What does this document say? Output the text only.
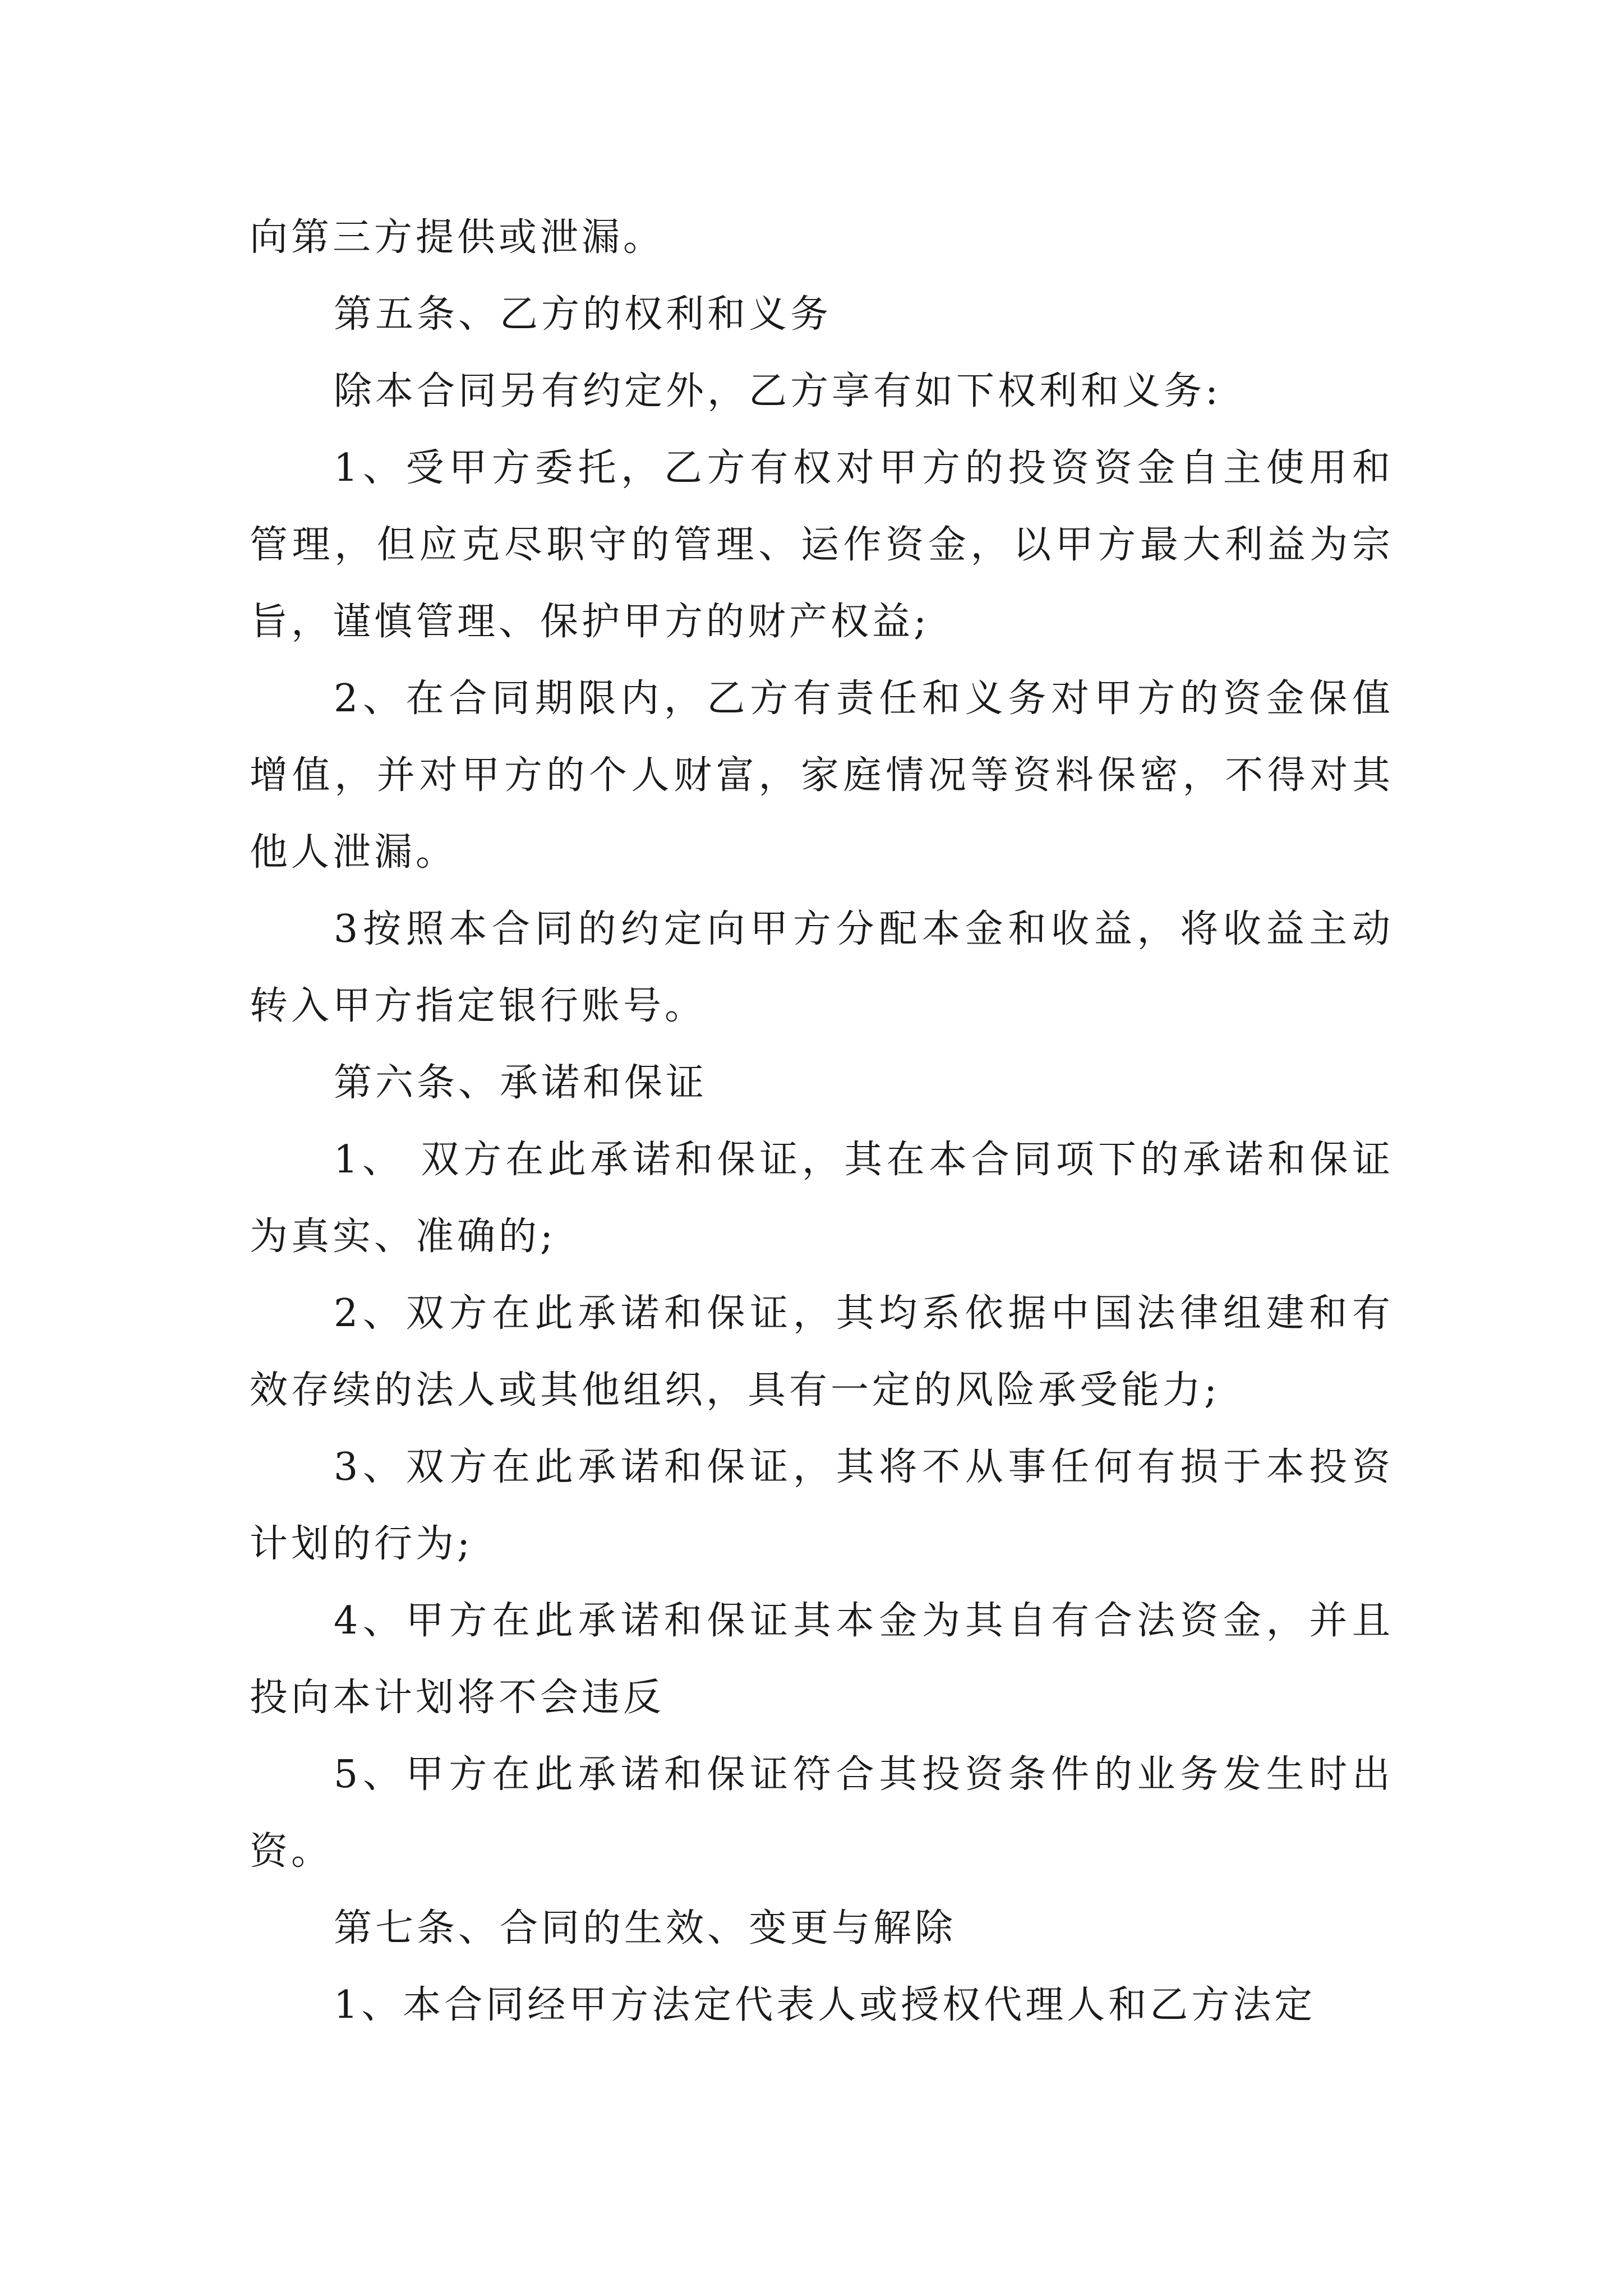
向第三方提供或泄漏。

第五条、乙方的权利和义务

除本合同另有约定外，乙方享有如下权利和义务:

1、受甲方委托，乙方有权对甲方的投资资金自主使用和管理，但应克尽职守的管理、运作资金，以甲方最大利益为宗旨，谨慎管理、保护甲方的财产权益;

2、在合同期限内，乙方有责任和义务对甲方的资金保值增值，并对甲方的个人财富，家庭情况等资料保密，不得对其他人泄漏。

3按照本合同的约定向甲方分配本金和收益，将收益主动转入甲方指定银行账号。

第六条、承诺和保证

1、 双方在此承诺和保证，其在本合同项下的承诺和保证为真实、准确的;

2、双方在此承诺和保证，其均系依据中国法律组建和有效存续的法人或其他组织，具有一定的风险承受能力;

3、双方在此承诺和保证，其将不从事任何有损于本投资计划的行为;

4、甲方在此承诺和保证其本金为其自有合法资金，并且投向本计划将不会违反

5、甲方在此承诺和保证符合其投资条件的业务发生时出资。

第七条、合同的生效、变更与解除

1、本合同经甲方法定代表人或授权代理人和乙方法定
